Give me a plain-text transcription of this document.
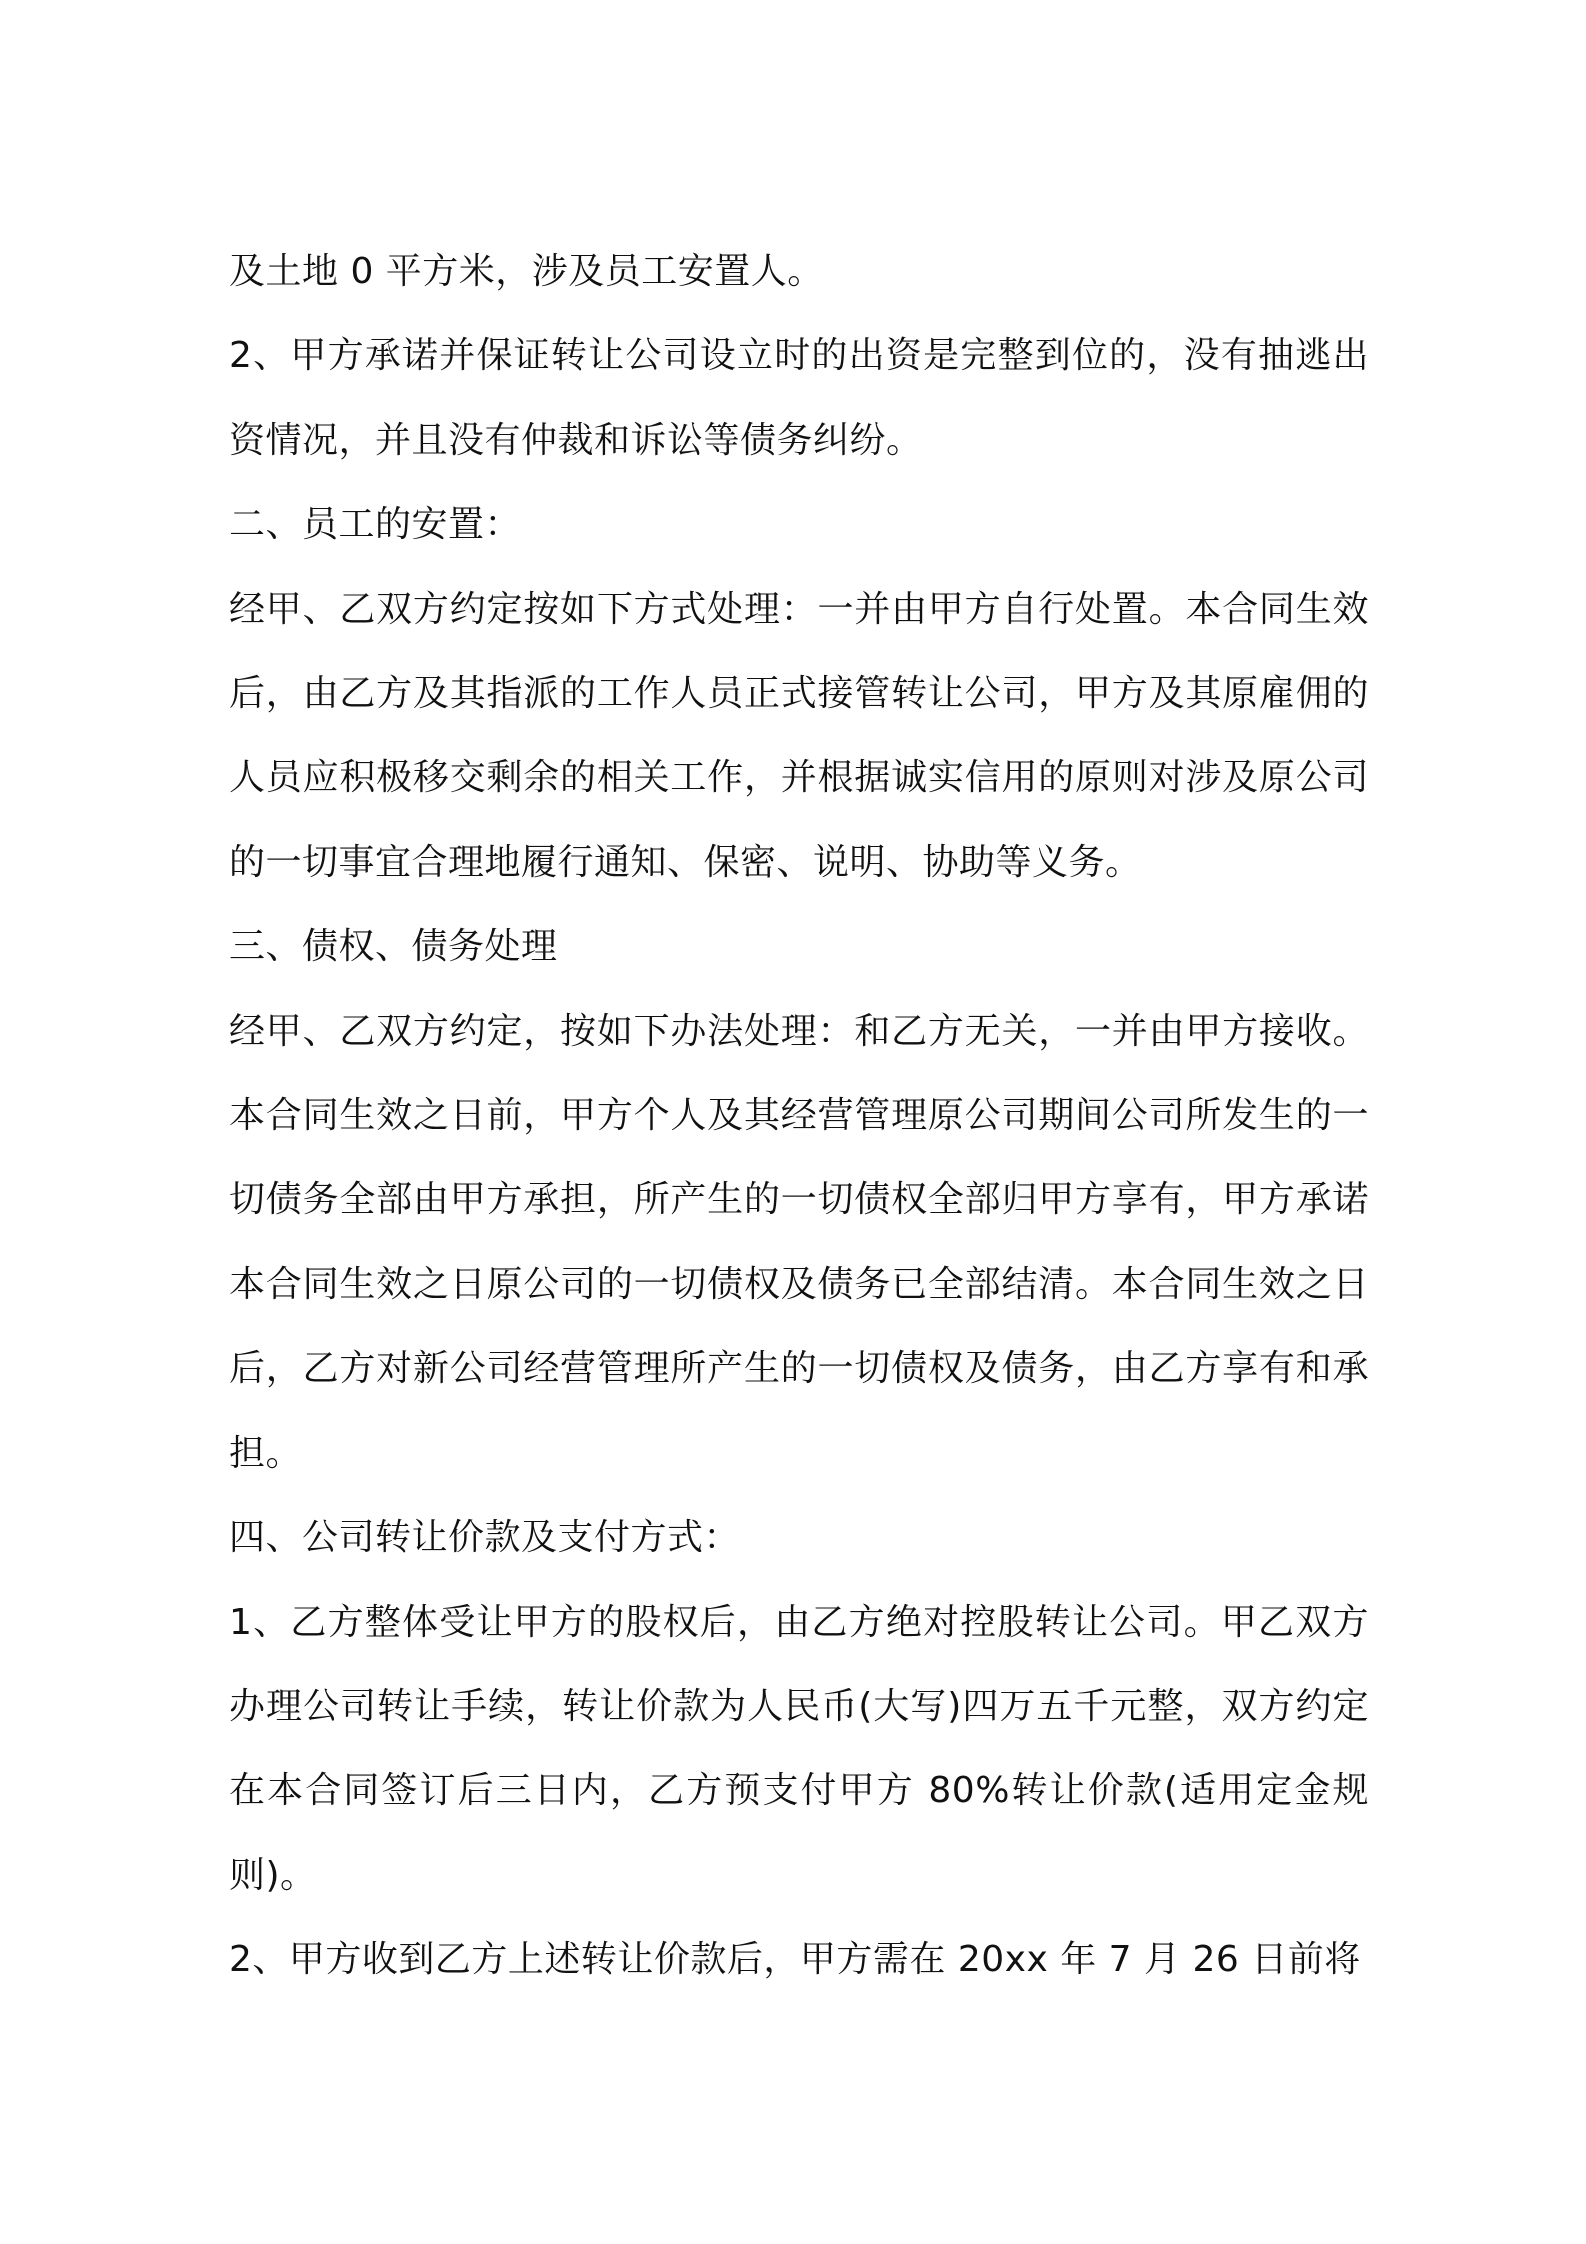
及土地 0 平方米，涉及员工安置人。

2、甲方承诺并保证转让公司设立时的出资是完整到位的，没有抽逃出资情况，并且没有仲裁和诉讼等债务纠纷。

二、员工的安置：

经甲、乙双方约定按如下方式处理：一并由甲方自行处置。本合同生效后，由乙方及其指派的工作人员正式接管转让公司，甲方及其原雇佣的人员应积极移交剩余的相关工作，并根据诚实信用的原则对涉及原公司的一切事宜合理地履行通知、保密、说明、协助等义务。

三、债权、债务处理

经甲、乙双方约定，按如下办法处理：和乙方无关，一并由甲方接收。本合同生效之日前，甲方个人及其经营管理原公司期间公司所发生的一切债务全部由甲方承担，所产生的一切债权全部归甲方享有，甲方承诺本合同生效之日原公司的一切债权及债务已全部结清。本合同生效之日后，乙方对新公司经营管理所产生的一切债权及债务，由乙方享有和承担。

四、公司转让价款及支付方式：

1、乙方整体受让甲方的股权后，由乙方绝对控股转让公司。甲乙双方办理公司转让手续，转让价款为人民币(大写)四万五千元整，双方约定在本合同签订后三日内，乙方预支付甲方 80%转让价款(适用定金规则)。

2、甲方收到乙方上述转让价款后，甲方需在 20xx 年 7 月 26 日前将
